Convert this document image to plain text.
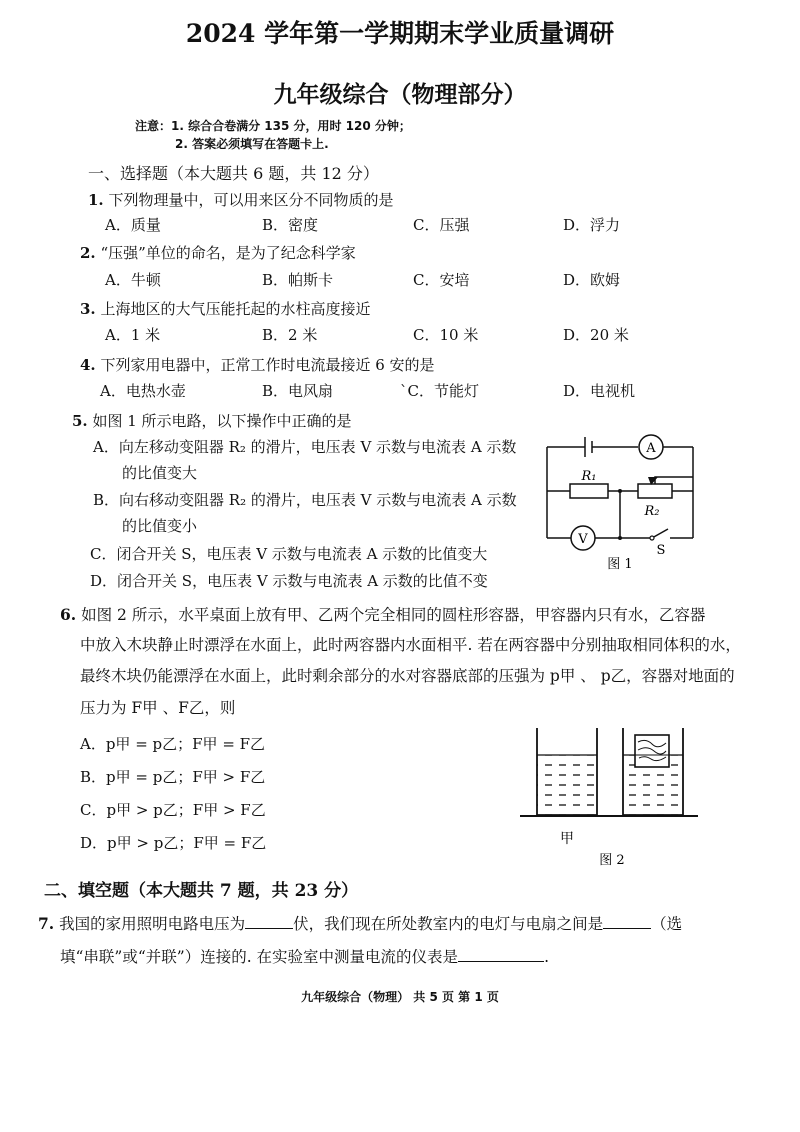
2024 学年第一学期期末学业质量调研
九年级综合（物理部分）
注意：1. 综合合卷满分 135 分，用时 120 分钟；
2. 答案必须填写在答题卡上.
一、选择题（本大题共 6 题，共 12 分）
1. 下列物理量中，可以用来区分不同物质的是
A．质量	B．密度	C．压强	D．浮力
2. “压强”单位的命名，是为了纪念科学家
A．牛顿	B．帕斯卡	C．安培	D．欧姆
3. 上海地区的大气压能托起的水柱高度接近
A．1 米	B．2 米	C．10 米	D．20 米
4. 下列家用电器中，正常工作时电流最接近 6 安的是
A．电热水壶	B．电风扇	`C．节能灯	D．电视机
5. 如图 1 所示电路，以下操作中正确的是
A．向左移动变阻器 R₂ 的滑片，电压表 V 示数与电流表 A 示数
的比值变大
B．向右移动变阻器 R₂ 的滑片，电压表 V 示数与电流表 A 示数
的比值变小
C．闭合开关 S，电压表 V 示数与电流表 A 示数的比值变大
D．闭合开关 S，电压表 V 示数与电流表 A 示数的比值不变
A
V
R₁
R₂
S
图 1
6. 如图 2 所示，水平桌面上放有甲、乙两个完全相同的圆柱形容器，甲容器内只有水，乙容器
中放入木块静止时漂浮在水面上，此时两容器内水面相平. 若在两容器中分别抽取相同体积的水，
最终木块仍能漂浮在水面上，此时剩余部分的水对容器底部的压强为 p甲 、 p乙，容器对地面的
压力为 F甲 、F乙，则
A．p甲 = p乙；F甲 = F乙
B．p甲 = p乙；F甲 > F乙
C．p甲 > p乙；F甲 > F乙
D．p甲 > p乙；F甲 = F乙	甲
图 2
二、填空题（本大题共 7 题，共 23 分）
7. 我国的家用照明电路电压为	伏，我们现在所处教室内的电灯与电扇之间是	（选
填“串联”或“并联”）连接的. 在实验室中测量电流的仪表是	.
九年级综合（物理） 共 5 页 第 1 页
